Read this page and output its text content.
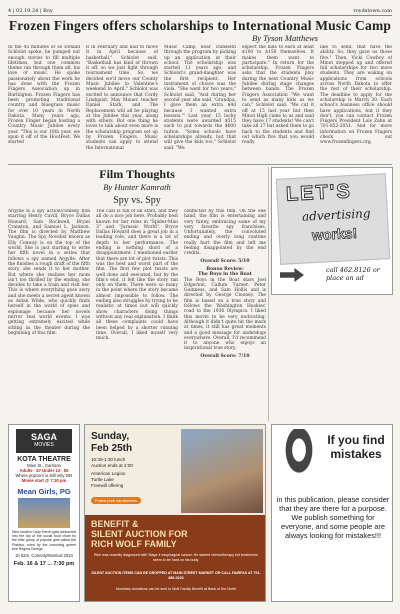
4 | 02.19.24 | Roy	roydstown.com
Frozen Fingers offers scholarships to International Music Camp
By Tyson Matthews
In the 45 minutes or so Donald Schlolot spoke, he pumped out enough stories to fill multiple lifetimes, but one common theme ran through them all, his love of music. He spoke passionately about the work he has done with the Frozen Fingers Association up in Burlington. Frozen Fingers has been promoting traditional country and bluegrass music for over 10 years in North Dakota. Many years ago, Frozen Finger began hosting a Country Music Jubilee every year. "This is our 10th year, we spun it off of the HootFest. We started
it in February and had to move it in April because of basketball," Schlolot said. "Basketball has kind of thrown it off, so we just fight through tournament time. So, we decided we'd move our County Music Jubilee to Valentine's weekend to April." Schlolot was excited to announce that Cordy Lindquist, May Mauer, teacher Daniel Stark, and The Replacement will all be playing at the Jubilee this year, along with others. But one thing he loves to talk about even more is the scholarship program set up by Frozen Fingers. Music students can apply to attend the International
Music Camp near Dunseith through the program by picking up an application at their school. The scholarship was started 11 years ago, and Schlolot's grand-daughter was the first recipient. Her instrument of choice was the viola. "She went for two years," Schlolot said, "And during her second year she said, 'Grandpa, I gave them an extra $40 because I wanted extra lessons.'" Last year, 15 lucky students were awarded $515 each to put towards the $600 tuition. "Some schools have scholarships already, but that will give the kids too," Schlolot said. "We
expect the kids to earn at least $100 to $150 themselves. It makes them want to participate." In return for the scholarship, Frozen Fingers asks that the students play during the next Country Music Jubilee during stage changes between bands. The Frozen Fingers Association "We want to send as many kids as we can," Schlolot said. "We cut it off at 15 last year but then Minot High came to us and said they have 17 students! We can't take all 17 but asked them to go back to the students and find out which five that you would really
like to send, that have the ability. So, they gave us those five." Then, Vicki Cowboy of Minot stepped up and offered full scholarships for two more students. They are waking on applications from schools across North Dakota to offer the rest of their scholarship. The deadline to apply for the scholarship is March 30. Each school's business office should have applications, but if they don't, you can contact Frozen Fingers President Lois Zahn at 701-852-2051. And for more information on Frozen Fingers check out www.frozenfingers.org.
Film Thoughts
By Hunter Kamrath
Spy vs. Spy
Argylle is a spy action/comedy film starring Henry Cavill, Bryce Dallas Howard, Sam Rockwell, Bryan Cranston, and Samuel L. Jackson. The film is directed by Matthew Vaughn. The Spy Novelist known as Elly Conway is on the top of the world. She is just starting to write her fifth novel in a series that follows a spy named Argylle. After the finishes a rough draft of the fifth story, she sends it to her mother. But where she realizes her mom isn't too thrilled by the ending, she decides to take a train and visit her. This is where everything goes awry and she meets a secret agent known as Aidan Wilde, who quickly finds herself in the world of spies and espionage because her novels mirror real world events. I was getting extremely excited while sitting in the theater during the beginning of this film.
The cast is full of all stars, and they all do a nice job here. Probably best known for her roles in "Spider-Man 3" and "Jurassic World", Bryce Dallas Howard does a great job in a leading role, and there is a lot of depth to her performance. The ending is nothing short of a disappointment. I mentioned earlier that there are lot of plot twists. This was the best and worst part of the film. The first few plot twists are well done and executed, but by the film's end, it felt like the story ran only on them. There were so many in the point where the story became almost impossible to follow. The ending also struggles by trying to be realistic at times but will quickly show characters doing things without any real explanation. I think all these complaints could have been helped by a shorter running time. Overall, I liked myself very much.
conflicted by this film. On the one hand, the film is entertaining and very funny, embracing some of my very favorite spy franchises. Unfortunately, the convoluted ending and overly long runtime really hurt the film and left me feeling disappointed by the end credits.
Overall Score: 5/10
Bonus Review:
The Boys in the Boat
The Boys in the Boat stars Joel Edgerton, Callum Turner, Peter Guinness, and Sam Hollis and is directed by George Clooney. The film is based on a true story and follows the Washington Huskies' road to the 1936 Olympics. I liked this movie to be very motivating. Although it didn't quite hit the mark at times, it still has great moments and a good message for underdogs everywhere. Overall, I'd recommend it to anyone who enjoys an inspirational true story.
Overall Score: 7/10
LET'S
advertising
works!
call 462.8126 or place an ad
SAGA
MOVIES
KOTA THEATRE
Main St., Garrison
Adults - $7 Under 13 - $5
Where popcorn is still only 50¢
Movie start @ 7:30 pm
Mean Girls, PG
New student Cady Heron gets welcomed into the top of the social food chain by the elite group of popular girls called the Plastics, ruled by the conniving queen bee Regina George.
1h 52m, Comedy/Musical 2024
Feb. 16 & 17 ... 7:30 pm
Sunday,
Feb 25th
10:30-1:30 lunch
Auction ends at 2:00
American Legion
Turtle Lake
Freewill offering
Pulled pork sandwiches
BENEFIT &
SILENT AUCTION FOR
RICH WOLF FAMILY
Rich was recently diagnosed with Stage 4 esophageal cancer. He started chemotherapy but treatments seem to be hard on his body.
SILENT AUCTION ITEMS CAN BE DROPPED AT MAIN STREET MARKET OR CALL FAIRFAX AT 701-880-0100
Monetary donations can be sent to Wolf Family Benefit at Bank of the North
If you find mistakes
in this publication, please consider that they are there for a purpose. We publish something for everyone, and some people are always looking for mistakes!!!
